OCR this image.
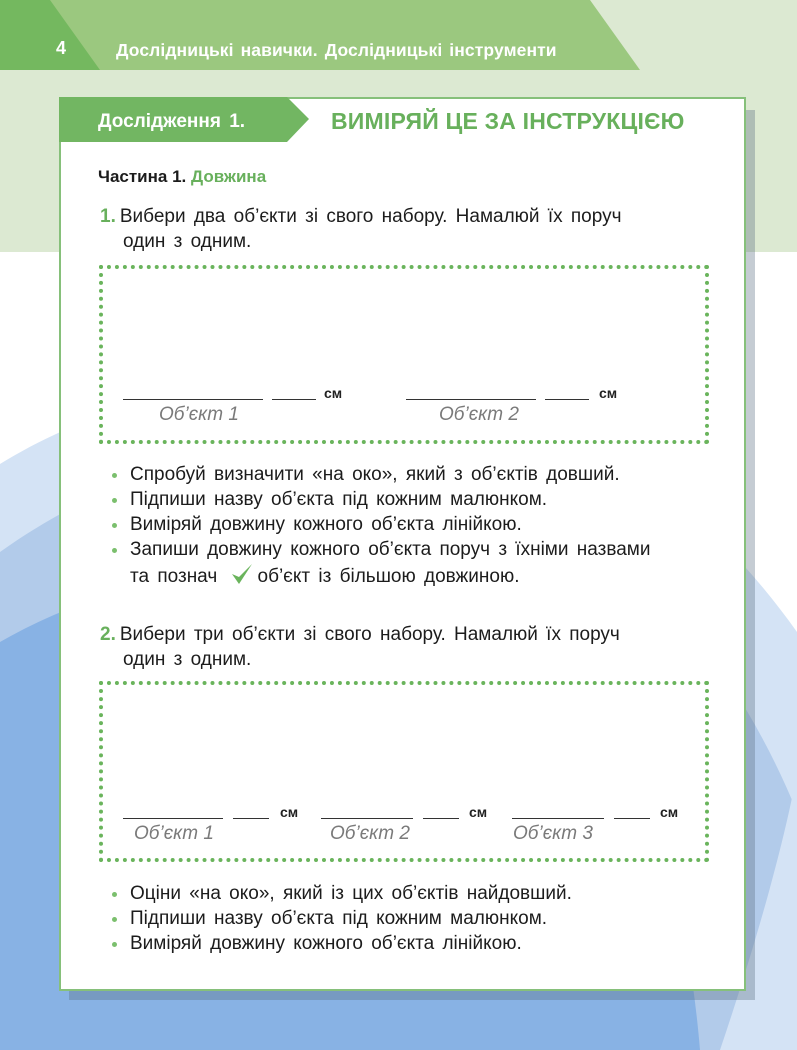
4	Дослідницькі навички. Дослідницькі інструменти
Дослідження 1.	ВИМІРЯЙ ЦЕ ЗА ІНСТРУКЦІЄЮ
Частина 1. Довжина
1. Вибери два об’єкти зі свого набору. Намалюй їх поруч
один з одним.
см
Об’єкт 1
см
Об’єкт 2
Спробуй визначити «на око», який з об’єктів довший.
Підпиши назву об’єкта під кожним малюнком.
Виміряй довжину кожного об’єкта лінійкою.
Запиши довжину кожного об’єкта поруч з їхніми назвами
та познач об’єкт із більшою довжиною.
2. Вибери три об’єкти зі свого набору. Намалюй їх поруч
один з одним.
см
Об’єкт 1
см
Об’єкт 2
см
Об’єкт 3
Оціни «на око», який із цих об’єктів найдовший.
Підпиши назву об’єкта під кожним малюнком.
Виміряй довжину кожного об’єкта лінійкою.
